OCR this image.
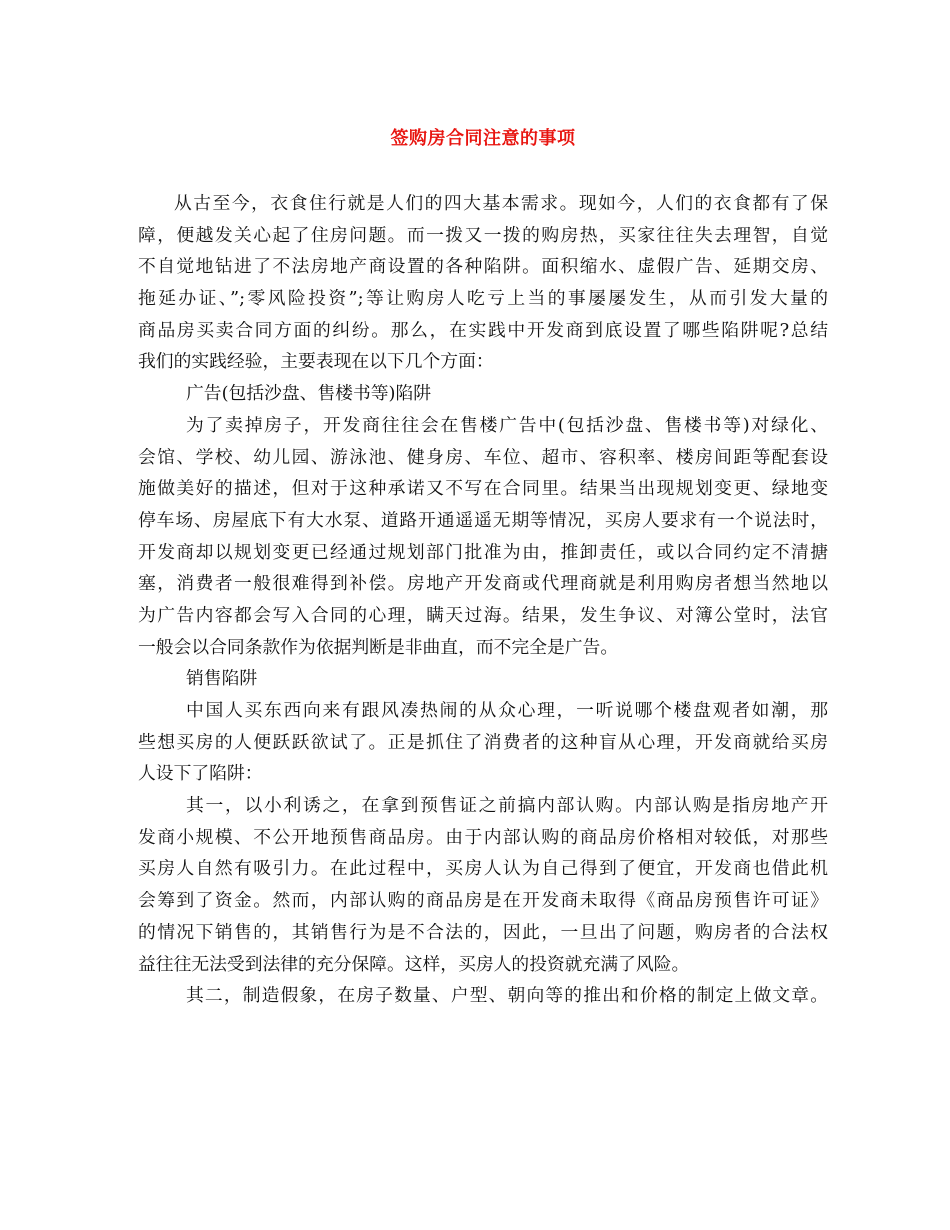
签购房合同注意的事项
从古至今，衣食住行就是人们的四大基本需求。现如今，人们的衣食都有了保
障，便越发关心起了住房问题。而一拨又一拨的购房热，买家往往失去理智，自觉
不自觉地钻进了不法房地产商设置的各种陷阱。面积缩水、虚假广告、延期交房、
拖延办证、”;零风险投资”;等让购房人吃亏上当的事屡屡发生，从而引发大量的
商品房买卖合同方面的纠纷。那么，在实践中开发商到底设置了哪些陷阱呢?总结
我们的实践经验，主要表现在以下几个方面：
广告(包括沙盘、售楼书等)陷阱
为了卖掉房子，开发商往往会在售楼广告中(包括沙盘、售楼书等)对绿化、
会馆、学校、幼儿园、游泳池、健身房、车位、超市、容积率、楼房间距等配套设
施做美好的描述，但对于这种承诺又不写在合同里。结果当出现规划变更、绿地变
停车场、房屋底下有大水泵、道路开通遥遥无期等情况，买房人要求有一个说法时，
开发商却以规划变更已经通过规划部门批准为由，推卸责任，或以合同约定不清搪
塞，消费者一般很难得到补偿。房地产开发商或代理商就是利用购房者想当然地以
为广告内容都会写入合同的心理，瞒天过海。结果，发生争议、对簿公堂时，法官
一般会以合同条款作为依据判断是非曲直，而不完全是广告。
销售陷阱
中国人买东西向来有跟风凑热闹的从众心理，一听说哪个楼盘观者如潮，那
些想买房的人便跃跃欲试了。正是抓住了消费者的这种盲从心理，开发商就给买房
人设下了陷阱：
其一，以小利诱之，在拿到预售证之前搞内部认购。内部认购是指房地产开
发商小规模、不公开地预售商品房。由于内部认购的商品房价格相对较低，对那些
买房人自然有吸引力。在此过程中，买房人认为自己得到了便宜，开发商也借此机
会筹到了资金。然而，内部认购的商品房是在开发商未取得《商品房预售许可证》
的情况下销售的，其销售行为是不合法的，因此，一旦出了问题，购房者的合法权
益往往无法受到法律的充分保障。这样，买房人的投资就充满了风险。
其二，制造假象，在房子数量、户型、朝向等的推出和价格的制定上做文章。
